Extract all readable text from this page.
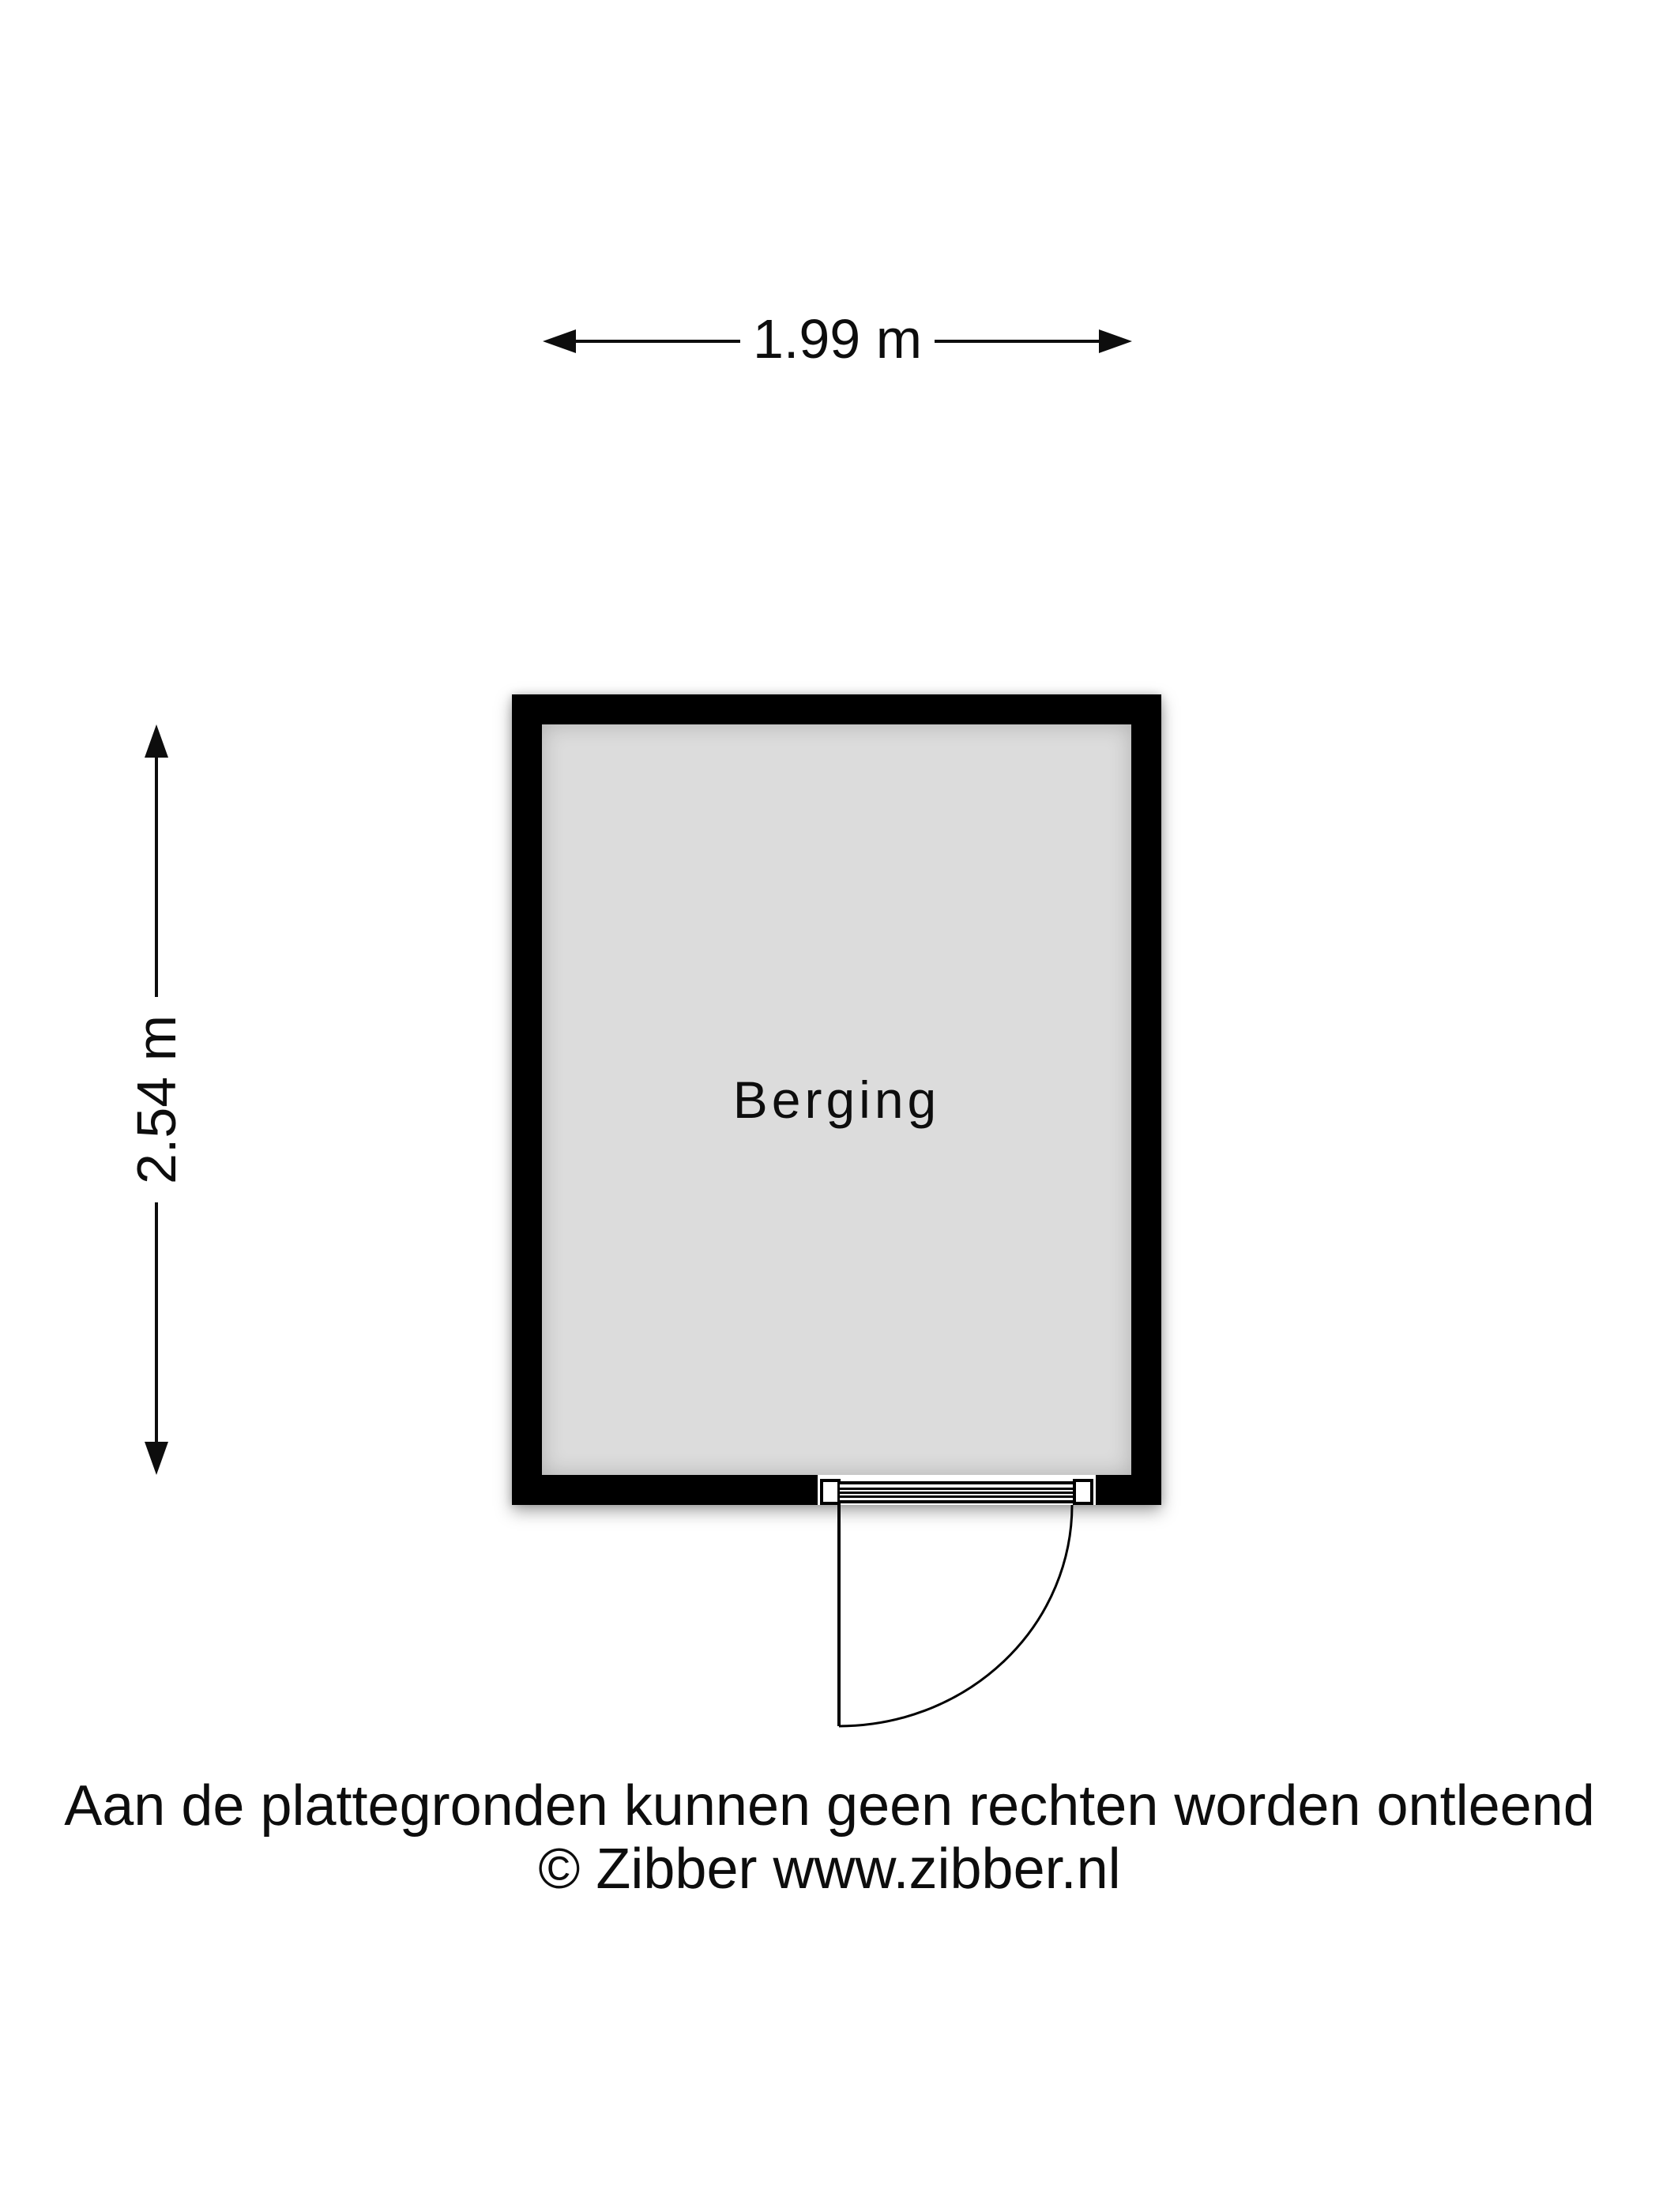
1.99 m
2.54 m	Berging
Aan de plattegronden kunnen geen rechten worden ontleend
© Zibber www.zibber.nl
